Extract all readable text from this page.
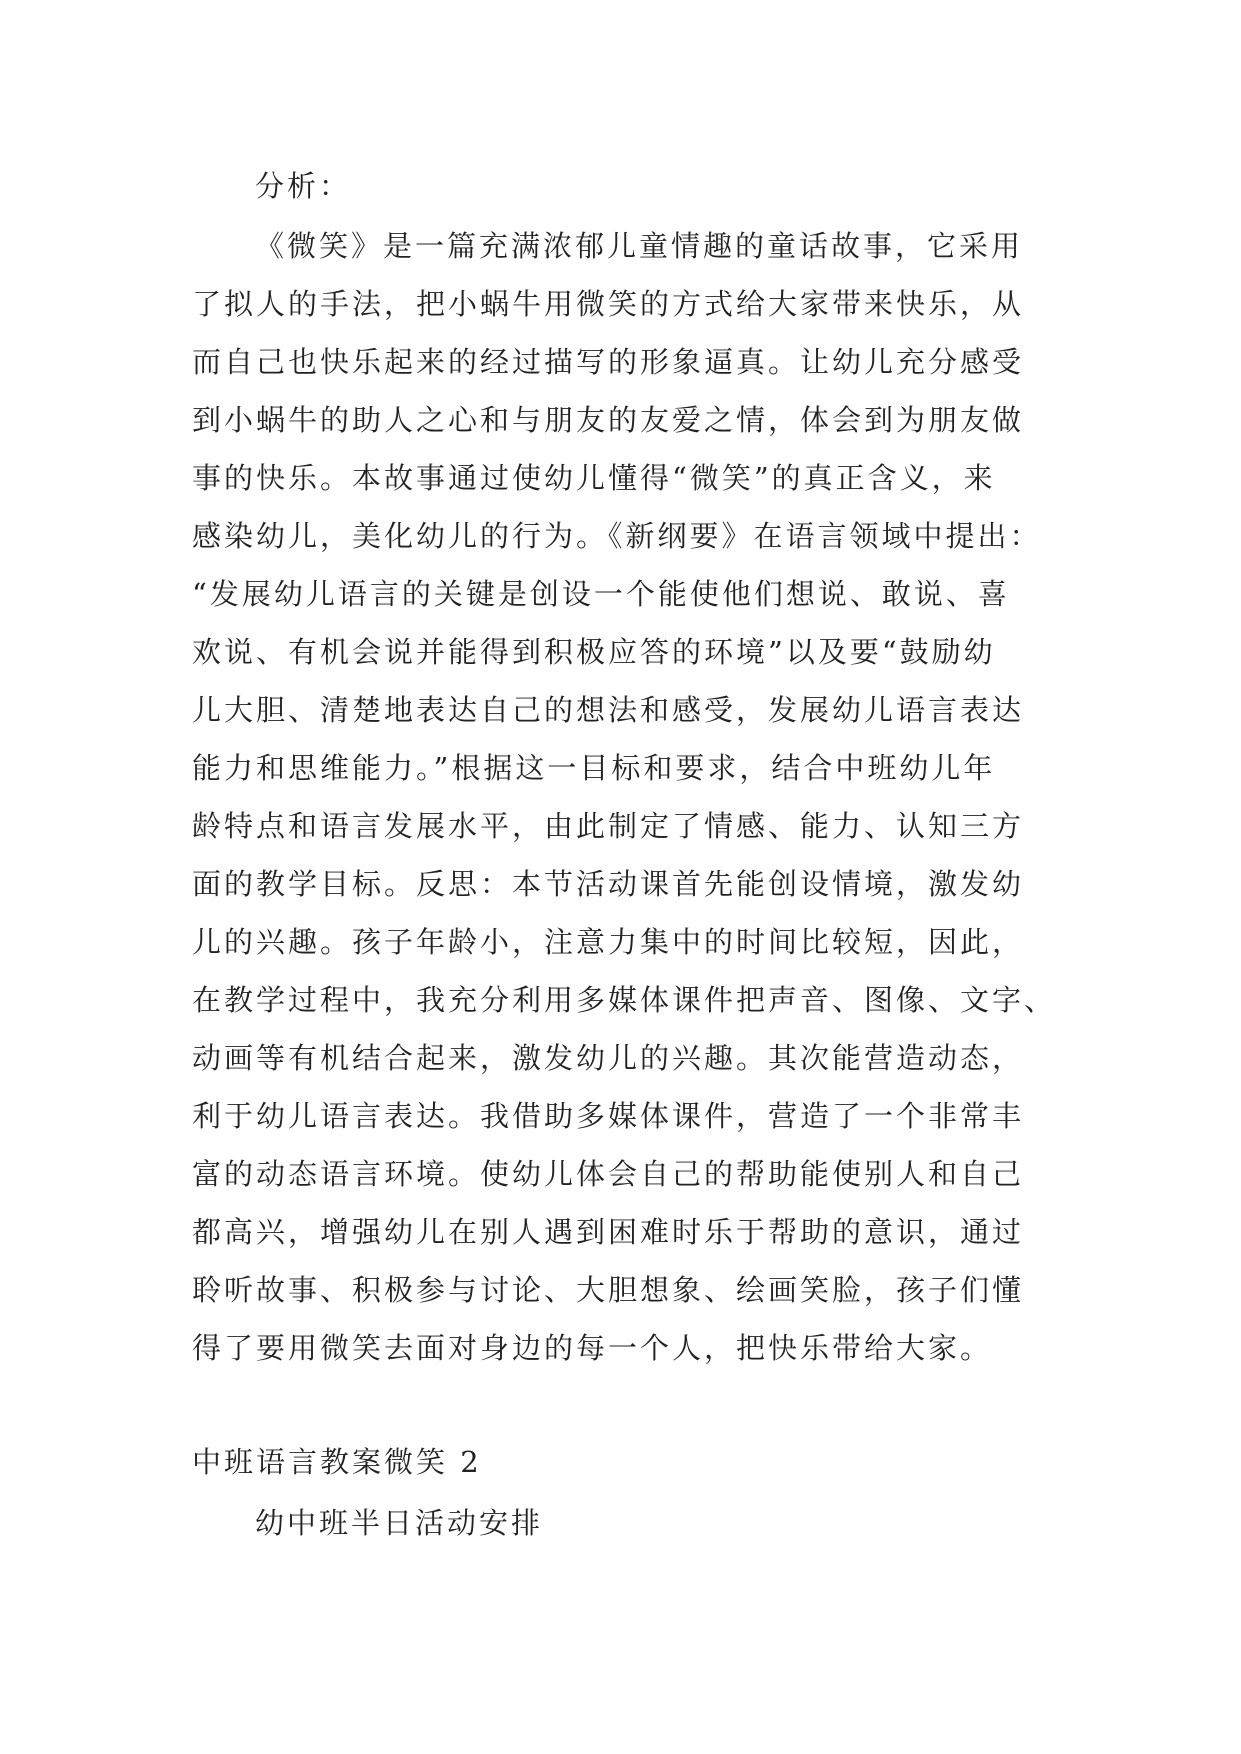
分析：
《微笑》是一篇充满浓郁儿童情趣的童话故事，它采用
了拟人的手法，把小蜗牛用微笑的方式给大家带来快乐，从
而自己也快乐起来的经过描写的形象逼真。让幼儿充分感受
到小蜗牛的助人之心和与朋友的友爱之情，体会到为朋友做
事的快乐。本故事通过使幼儿懂得“微笑”的真正含义，来
感染幼儿，美化幼儿的行为。《新纲要》在语言领域中提出：
“发展幼儿语言的关键是创设一个能使他们想说、敢说、喜
欢说、有机会说并能得到积极应答的环境”以及要“鼓励幼
儿大胆、清楚地表达自己的想法和感受，发展幼儿语言表达
能力和思维能力。”根据这一目标和要求，结合中班幼儿年
龄特点和语言发展水平，由此制定了情感、能力、认知三方
面的教学目标。反思：本节活动课首先能创设情境，激发幼
儿的兴趣。孩子年龄小，注意力集中的时间比较短，因此，
在教学过程中，我充分利用多媒体课件把声音、图像、文字、
动画等有机结合起来，激发幼儿的兴趣。其次能营造动态，
利于幼儿语言表达。我借助多媒体课件，营造了一个非常丰
富的动态语言环境。使幼儿体会自己的帮助能使别人和自己
都高兴，增强幼儿在别人遇到困难时乐于帮助的意识，通过
聆听故事、积极参与讨论、大胆想象、绘画笑脸，孩子们懂
得了要用微笑去面对身边的每一个人，把快乐带给大家。
中班语言教案微笑 2
幼中班半日活动安排
